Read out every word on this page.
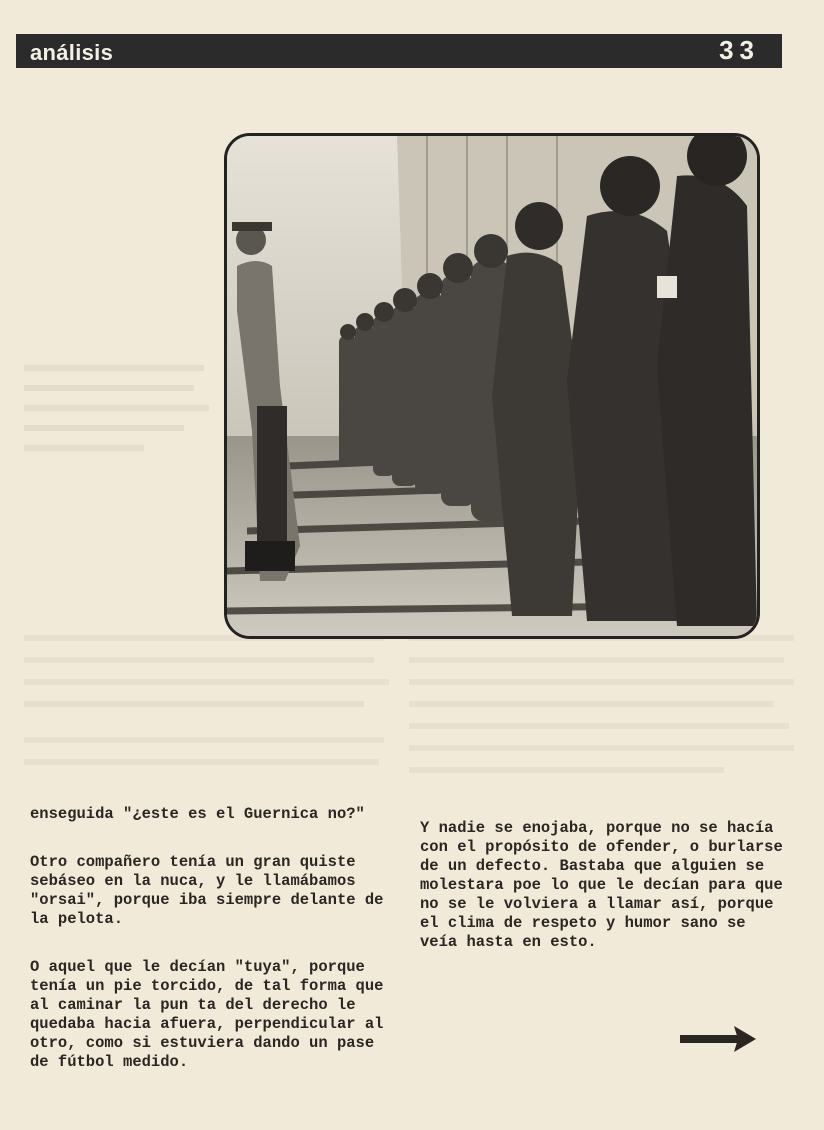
análisis	33

enseguida "¿este es el Guernica no?"

Otro compañero tenía un gran quiste sebáseo en la nuca, y le llamábamos "orsai", porque iba siempre delante de la pelota.

O aquel que le decían "tuya", porque tenía un pie torcido, de tal forma que al caminar la pun ta del derecho le quedaba hacia afuera, perpendicular al otro, como si estuviera dando un pase de fútbol medido.

Y nadie se enojaba, porque no se hacía con el propósito de ofender, o burlarse de un defecto. Bastaba que alguien se molestara poe lo que le decían para que no se le volviera a llamar así, porque el clima de respeto y humor sano se veía hasta en esto.
